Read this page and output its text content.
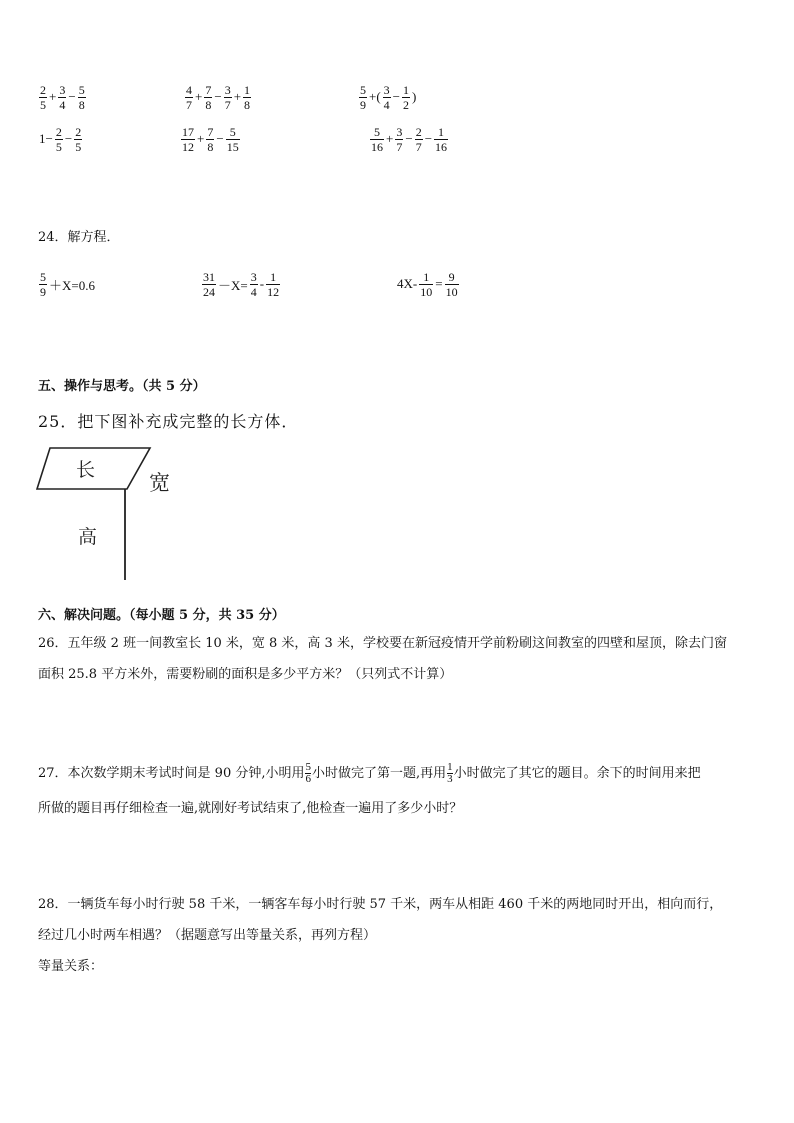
$\frac{2}{5} + \frac{3}{4} - \frac{5}{8}$	$\frac{4}{7} + \frac{7}{8} - \frac{3}{7} + \frac{1}{8}$	$\frac{5}{9}$ +( $\frac{3}{4} - \frac{1}{2}$ )
$1- \frac{2}{5} - \frac{2}{5}$	$\frac{17}{12} + \frac{7}{8} - \frac{5}{15}$	$\frac{5}{16} + \frac{3}{7} - \frac{2}{7} - \frac{1}{16}$
24．解方程．
$\frac{5}{9} +X=0.6$	$\frac{31}{24} -X= \frac{3}{4} - \frac{1}{12}$	$4X- \frac{1}{10} = \frac{9}{10}$
五、操作与思考。（共 5 分）
25．把下图补充成完整的长方体．
长
宽
高
六、解决问题。（每小题 5 分，共 35 分）
26．五年级 2 班一间教室长 10 米，宽 8 米，高 3 米，学校要在新冠疫情开学前粉刷这间教室的四壁和屋顶，除去门窗
面积 25.8 平方米外，需要粉刷的面积是多少平方米？（只列式不计算）
27．本次数学期末考试时间是 90 分钟,小明用 $\frac{5}{6}$ 小时做完了第一题,再用 $\frac{1}{3}$ 小时做完了其它的题目。余下的时间用来把
所做的题目再仔细检查一遍,就刚好考试结束了,他检查一遍用了多少小时？
28．一辆货车每小时行驶 58 千米，一辆客车每小时行驶 57 千米，两车从相距 460 千米的两地同时开出，相向而行，
经过几小时两车相遇？（据题意写出等量关系，再列方程）
等量关系：
